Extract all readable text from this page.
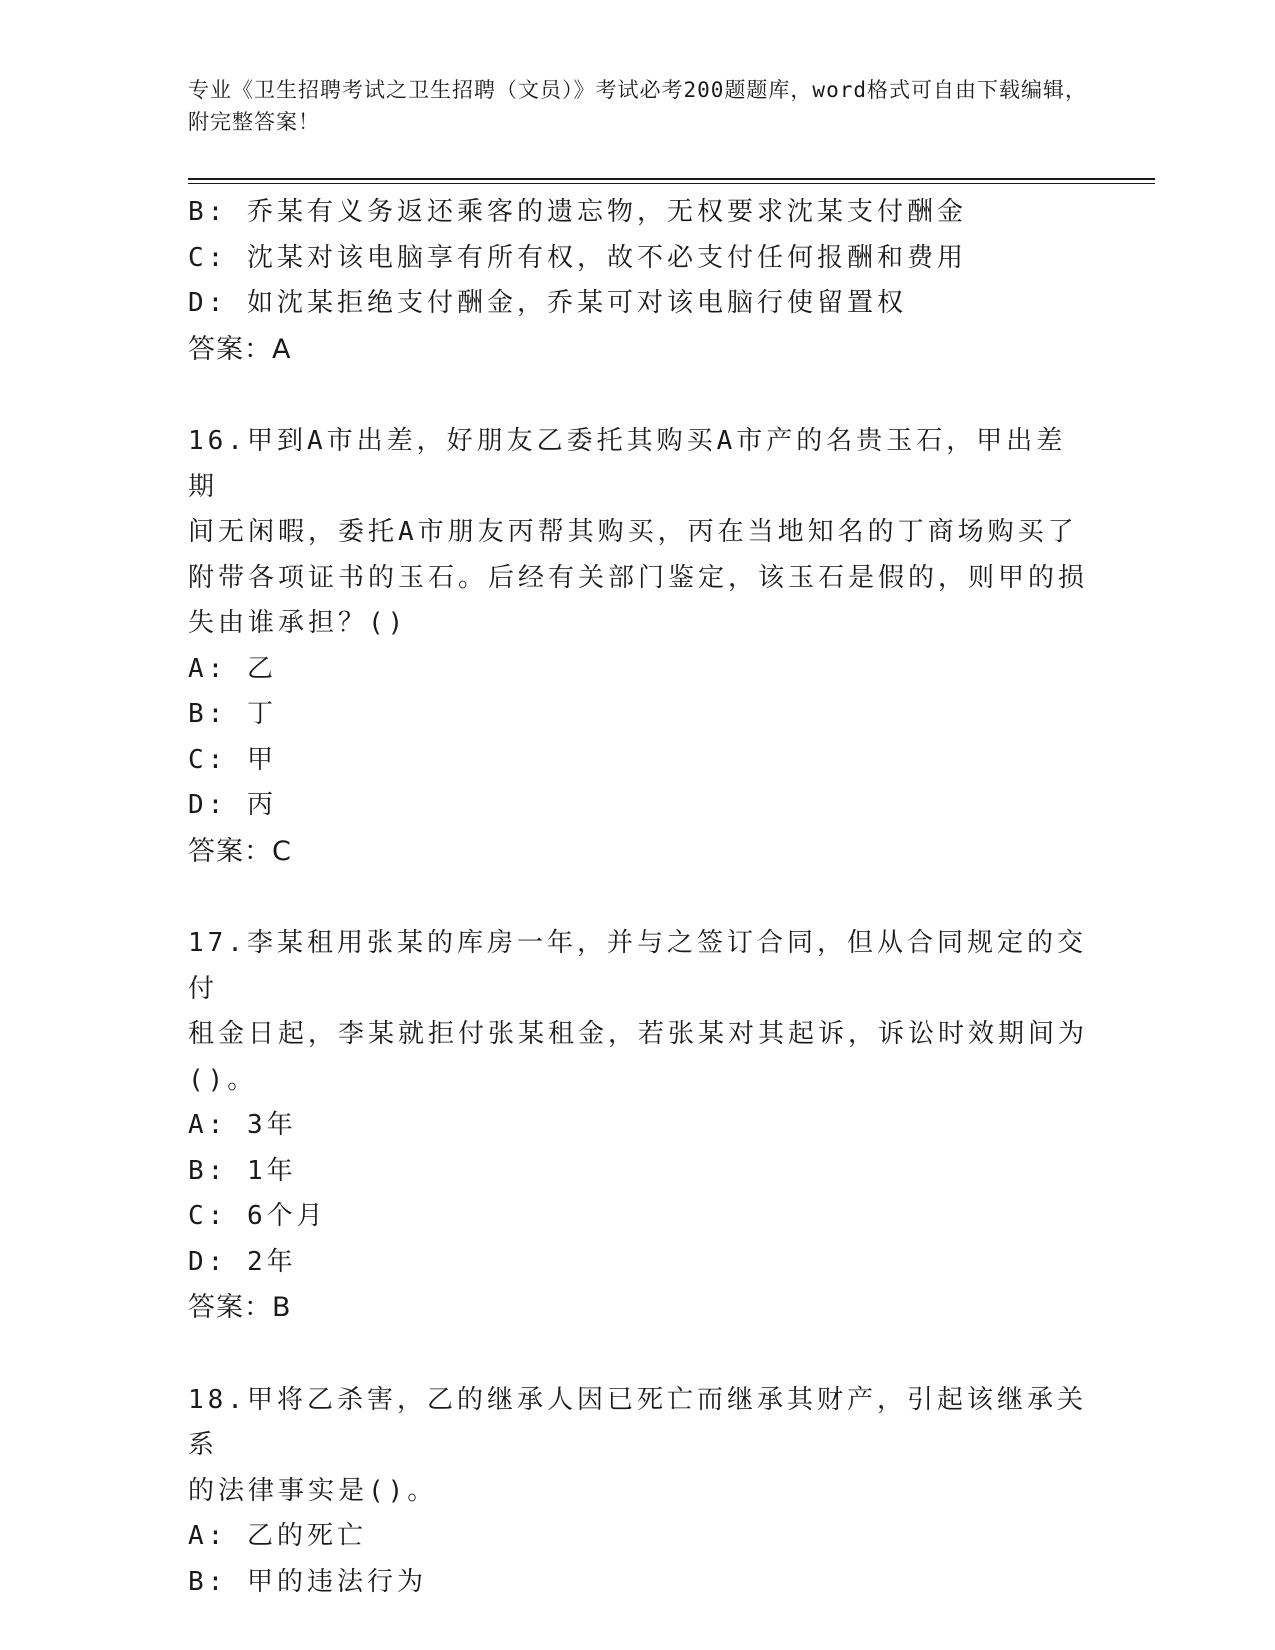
专业《卫生招聘考试之卫生招聘（文员）》考试必考200题题库，word格式可自由下载编辑，附完整答案！
B: 乔某有义务返还乘客的遗忘物，无权要求沈某支付酬金
C: 沈某对该电脑享有所有权，故不必支付任何报酬和费用
D: 如沈某拒绝支付酬金，乔某可对该电脑行使留置权
答案：A
16.甲到A市出差，好朋友乙委托其购买A市产的名贵玉石，甲出差期
间无闲暇，委托A市朋友丙帮其购买，丙在当地知名的丁商场购买了
附带各项证书的玉石。后经有关部门鉴定，该玉石是假的，则甲的损
失由谁承担？()
A: 乙
B: 丁
C: 甲
D: 丙
答案：C
17.李某租用张某的库房一年，并与之签订合同，但从合同规定的交付
租金日起，李某就拒付张某租金，若张某对其起诉，诉讼时效期间为
()。
A: 3年
B: 1年
C: 6个月
D: 2年
答案：B
18.甲将乙杀害，乙的继承人因已死亡而继承其财产，引起该继承关系
的法律事实是()。
A: 乙的死亡
B: 甲的违法行为
